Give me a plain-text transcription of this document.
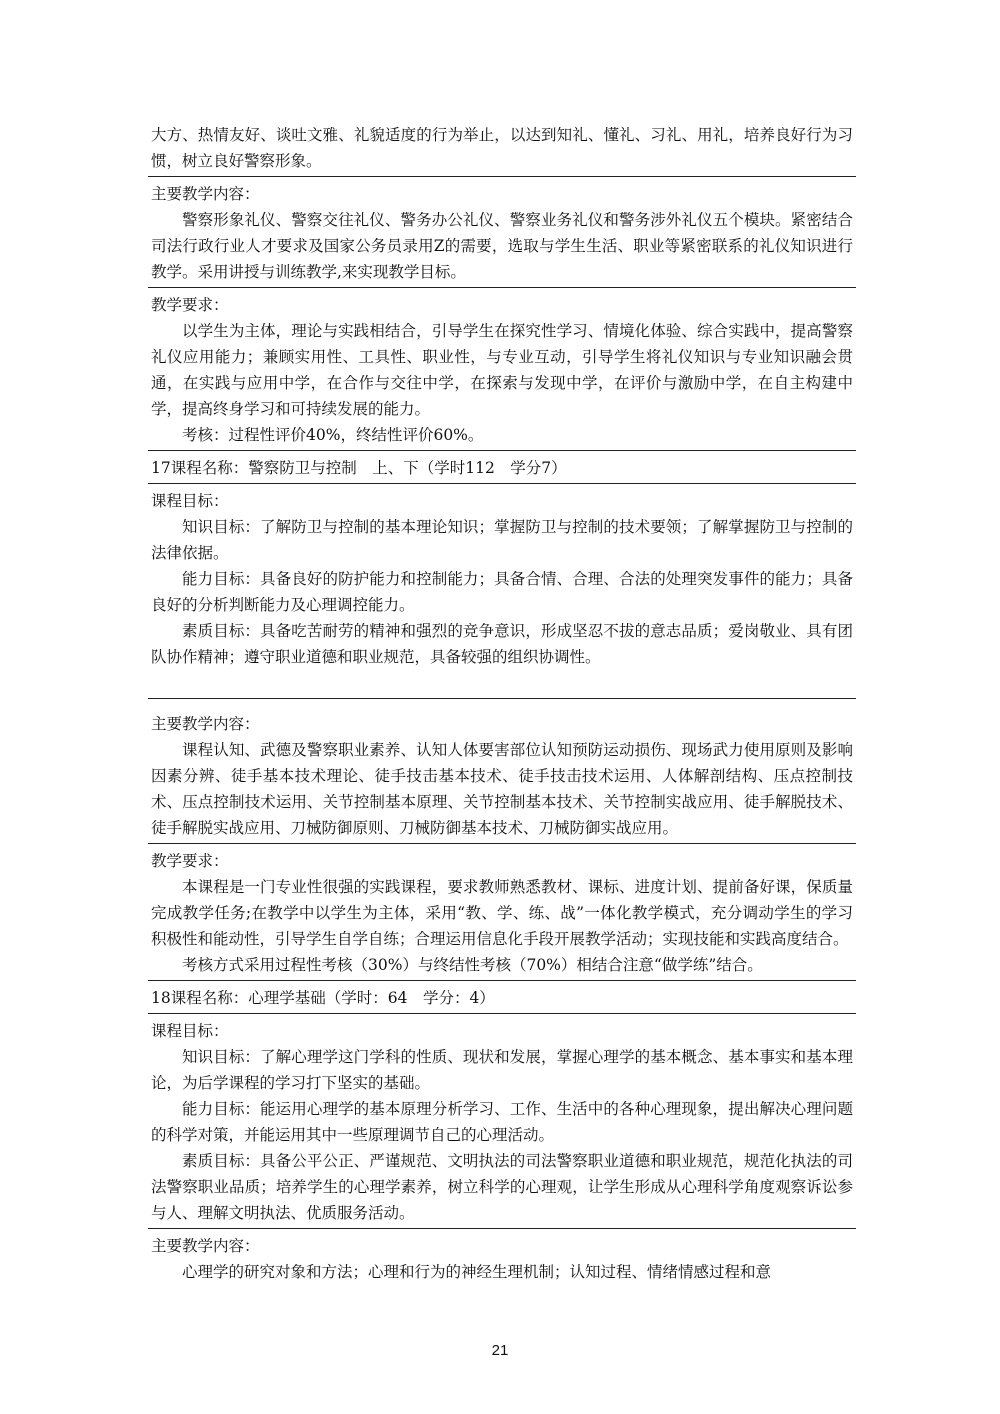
大方、热情友好、谈吐文雅、礼貌适度的行为举止，以达到知礼、懂礼、习礼、用礼，培养良好行为习惯，树立良好警察形象。

主要教学内容：

警察形象礼仪、警察交往礼仪、警务办公礼仪、警察业务礼仪和警务涉外礼仪五个模块。紧密结合司法行政行业人才要求及国家公务员录用Z的需要，选取与学生生活、职业等紧密联系的礼仪知识进行教学。采用讲授与训练教学,来实现教学目标。

教学要求：

以学生为主体，理论与实践相结合，引导学生在探究性学习、情境化体验、综合实践中，提高警察礼仪应用能力；兼顾实用性、工具性、职业性，与专业互动，引导学生将礼仪知识与专业知识融会贯通，在实践与应用中学，在合作与交往中学，在探索与发现中学，在评价与激励中学，在自主构建中学，提高终身学习和可持续发展的能力。

考核：过程性评价40%，终结性评价60%。

17课程名称：警察防卫与控制　上、下（学时112　学分7）

课程目标：

知识目标：了解防卫与控制的基本理论知识；掌握防卫与控制的技术要领；了解掌握防卫与控制的法律依据。

能力目标：具备良好的防护能力和控制能力；具备合情、合理、合法的处理突发事件的能力；具备良好的分析判断能力及心理调控能力。

素质目标：具备吃苦耐劳的精神和强烈的竞争意识，形成坚忍不拔的意志品质；爱岗敬业、具有团队协作精神；遵守职业道德和职业规范，具备较强的组织协调性。

主要教学内容：

课程认知、武德及警察职业素养、认知人体要害部位认知预防运动损伤、现场武力使用原则及影响因素分辨、徒手基本技术理论、徒手技击基本技术、徒手技击技术运用、人体解剖结构、压点控制技术、压点控制技术运用、关节控制基本原理、关节控制基本技术、关节控制实战应用、徒手解脱技术、徒手解脱实战应用、刀械防御原则、刀械防御基本技术、刀械防御实战应用。

教学要求：

本课程是一门专业性很强的实践课程，要求教师熟悉教材、课标、进度计划、提前备好课，保质量完成教学任务;在教学中以学生为主体，采用“教、学、练、战”一体化教学模式，充分调动学生的学习积极性和能动性，引导学生自学自练；合理运用信息化手段开展教学活动；实现技能和实践高度结合。

考核方式采用过程性考核（30%）与终结性考核（70%）相结合注意“做学练”结合。

18课程名称：心理学基础（学时：64　学分：4）

课程目标：

知识目标：了解心理学这门学科的性质、现状和发展，掌握心理学的基本概念、基本事实和基本理论，为后学课程的学习打下坚实的基础。

能力目标：能运用心理学的基本原理分析学习、工作、生活中的各种心理现象，提出解决心理问题的科学对策，并能运用其中一些原理调节自己的心理活动。

素质目标：具备公平公正、严谨规范、文明执法的司法警察职业道德和职业规范，规范化执法的司法警察职业品质；培养学生的心理学素养，树立科学的心理观，让学生形成从心理科学角度观察诉讼参与人、理解文明执法、优质服务活动。

主要教学内容：

心理学的研究对象和方法；心理和行为的神经生理机制；认知过程、情绪情感过程和意

21
